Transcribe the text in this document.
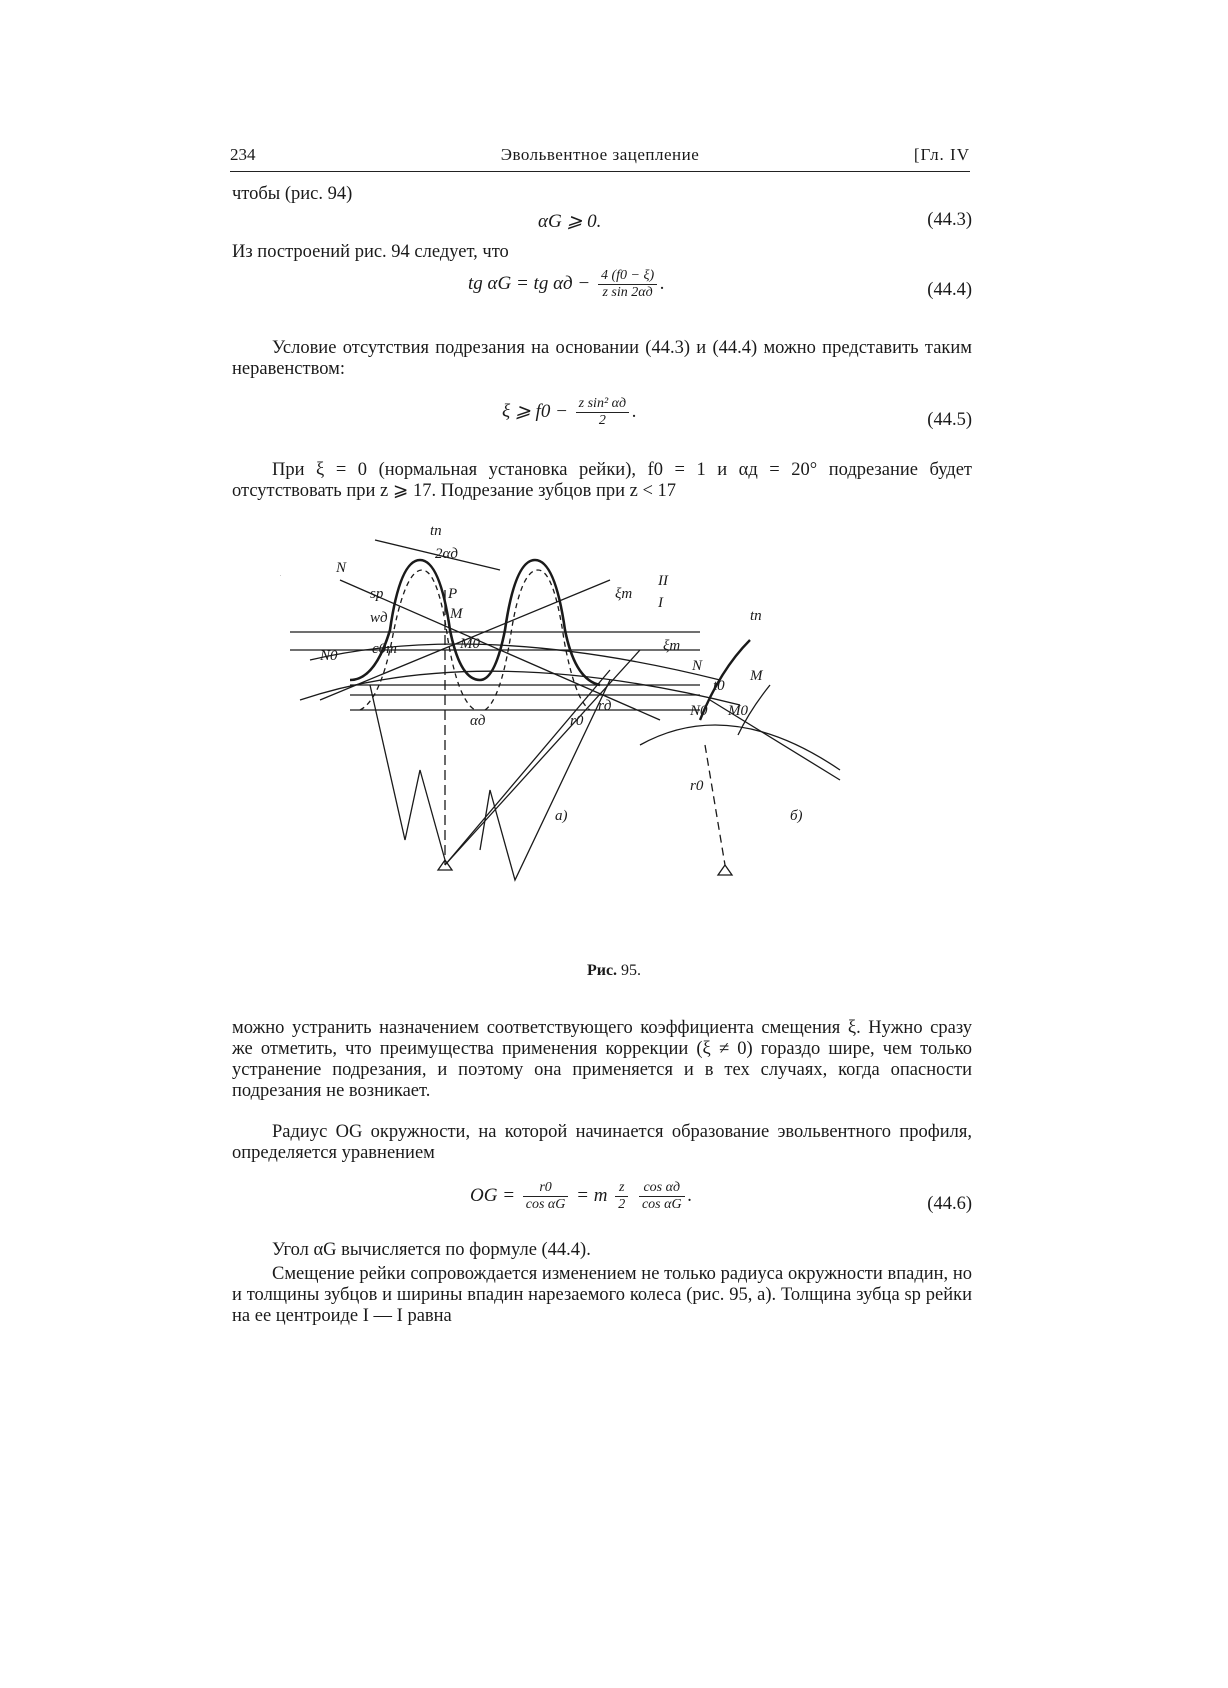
234	Эвольвентное зацепление	[Гл. IV
чтобы (рис. 94)
αG ⩾ 0.	(44.3)
Из построений рис. 94 следует, что
tg αG = tg $\alpha д - \frac{4 (f0 - \xi)}{\text{z sin 2αд}}$ .	(44.4)
Условие отсутствия подрезания на основании (44.3) и (44.4) можно представить таким неравенством:
ξ ⩾ $f0 - \frac{\text{z sin² αд}}{2}$ .	(44.5)
При ξ = 0 (нормальная установка рейки), f0 = 1 и αд = 20° подрезание будет отсутствовать при z ⩾ 17. Подрезание зубцов при z < 17
tn
2αд
N
P
M
II
I
ξm
ξm
sp
wд
N0
M0
c0m
αд	r0
rд
а)	б)
tn
N
M
t0
N0 M0
r0
Рис. 95.
можно устранить назначением соответствующего коэффициента смещения ξ. Нужно сразу же отметить, что преимущества применения коррекции (ξ ≠ 0) гораздо шире, чем только устранение подрезания, и поэтому она применяется и в тех случаях, когда опасности подрезания не возникает.
Радиус OG окружности, на которой начинается образование эвольвентного профиля, определяется уравнением
OG = $\frac{r0}{\text{cos αG}} = m \frac{z}{2}$
$\frac{\text{cos αд}}{\text{cos αG}}$ .	(44.6)
Угол αG вычисляется по формуле (44.4).
Смещение рейки сопровождается изменением не только радиуса окружности впадин, но и толщины зубцов и ширины впадин нарезаемого колеса (рис. 95, а). Толщина зубца sp рейки на ее центроиде I — I равна
